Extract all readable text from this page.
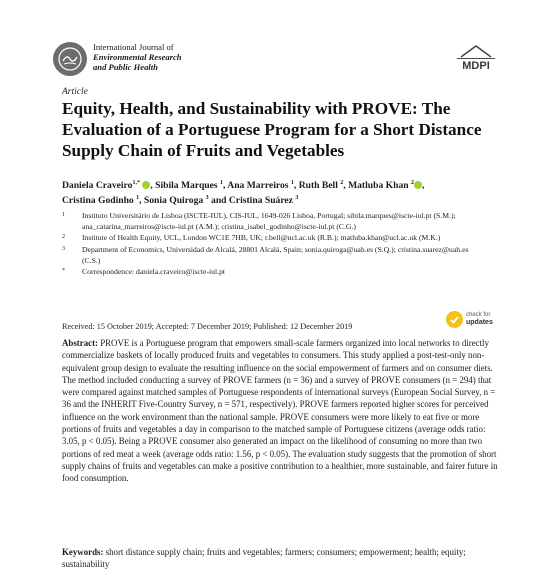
International Journal of
Environmental Research
and Public Health	MDPI
Article
Equity, Health, and Sustainability with PROVE: The Evaluation of a Portuguese Program for a Short Distance Supply Chain of Fruits and Vegetables
Daniela Craveiro$^{1,*}$ , Sibila Marques $^1$, Ana Marreiros $^1$, Ruth Bell $^2$, Matluba Khan $^2$ ,
Cristina Godinho $^1$, Sonia Quiroga $^3$ and Cristina Suárez $^3$
1 Instituto Universitário de Lisboa (ISCTE-IUL), CIS-IUL, 1649-026 Lisboa, Portugal; sibila.marques@iscte-iul.pt (S.M.); ana_catarina_marreiros@iscte-iul.pt (A.M.); cristina_isabel_godinho@iscte-iul.pt (C.G.)
2 Institute of Health Equity, UCL, London WC1E 7HB, UK; r.bell@ucl.ac.uk (R.B.); matluba.khan@ucl.ac.uk (M.K.)
3 Department of Economics, Universidad de Alcalá, 28801 Alcalá, Spain; sonia.quiroga@uah.es (S.Q.); cristina.suarez@uah.es (C.S.)
* Correspondence: daniela.craveiro@iscte-iul.pt
Received: 15 October 2019; Accepted: 7 December 2019; Published: 12 December 2019
check for
updates
Abstract: PROVE is a Portuguese program that empowers small-scale farmers organized into local networks to directly commercialize baskets of locally produced fruits and vegetables to consumers. This study applied a post-test-only non-equivalent group design to evaluate the resulting influence on the social empowerment of farmers and on consumer diets. The method included conducting a survey of PROVE farmers (n = 36) and a survey of PROVE consumers (n = 294) that were compared against matched samples of Portuguese respondents of international surveys (European Social Survey, n = 36 and the INHERIT Five-Country Survey, n = 571, respectively). PROVE farmers reported higher scores for perceived influence on the work environment than the national sample. PROVE consumers were more likely to eat five or more portions of fruits and vegetables a day in comparison to the matched sample of Portuguese citizens (average odds ratio: 3.05, p < 0.05). Being a PROVE consumer also generated an impact on the likelihood of consuming no more than two portions of red meat a week (average odds ratio: 1.56, p < 0.05). The evaluation study suggests that the promotion of short supply chains of fruits and vegetables can make a positive contribution to a healthier, more sustainable, and fairer future in food consumption.
Keywords: short distance supply chain; fruits and vegetables; farmers; consumers; empowerment; health; equity; sustainability
